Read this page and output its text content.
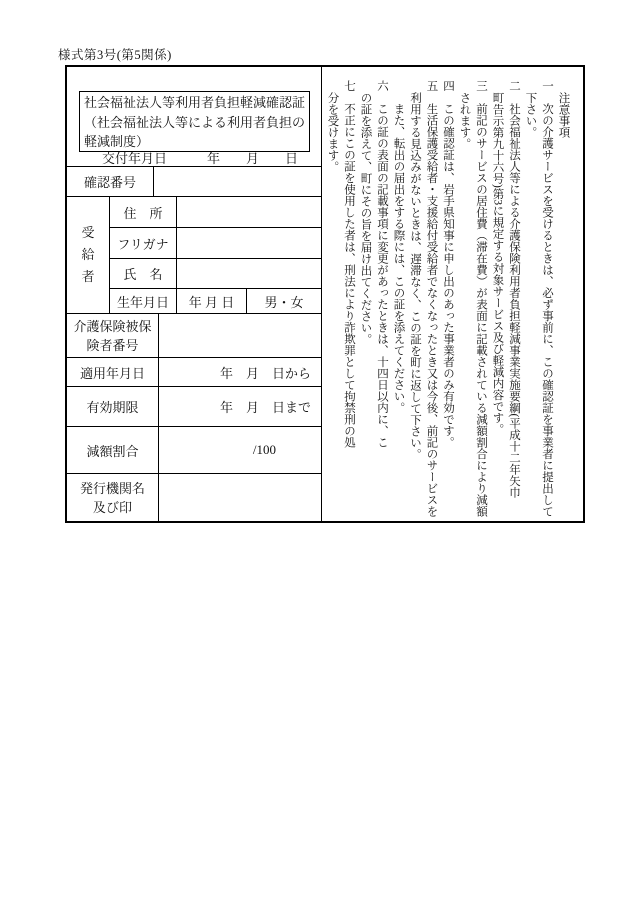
様式第3号(第5関係)
社会福祉法人等利用者負担軽減確認証（社会福祉法人等による利用者負担の軽減制度）
交付年月日	年　　月　　日
確認番号
受給者
住　所
フリガナ
氏　名
生年月日	年 月 日	男・女
介護保険被保険者番号
適用年月日	年　月　日から
有効期限	年　月　日まで
減額割合	/100
発行機関名及び印

注意事項

一　次の介護サービスを受けるときは、必ず事前に、この確認証を事業者に提出して

下さい。

二　社会福祉法人等による介護保険利用者負担軽減事業実施要綱(平成十二年矢巾

町告示第九十六号)第3に規定する対象サービス及び軽減内容です。

三　前記のサービスの居住費（滞在費）が表面に記載されている減額割合により減額

されます。

四　この確認証は、岩手県知事に申し出のあった事業者のみ有効です。

五　生活保護受給者・支援給付受給者でなくなったとき又は今後、前記のサービスを

利用する見込みがないときは、遅滞なく、この証を町に返して下さい。

また、転出の届出をする際には、この証を添えてください。

六　この証の表面の記載事項に変更があったときは、十四日以内に、こ

の証を添えて、町にその旨を届け出てください。

七　不正にこの証を使用した者は、刑法により詐欺罪として拘禁刑の処

分を受けます。
